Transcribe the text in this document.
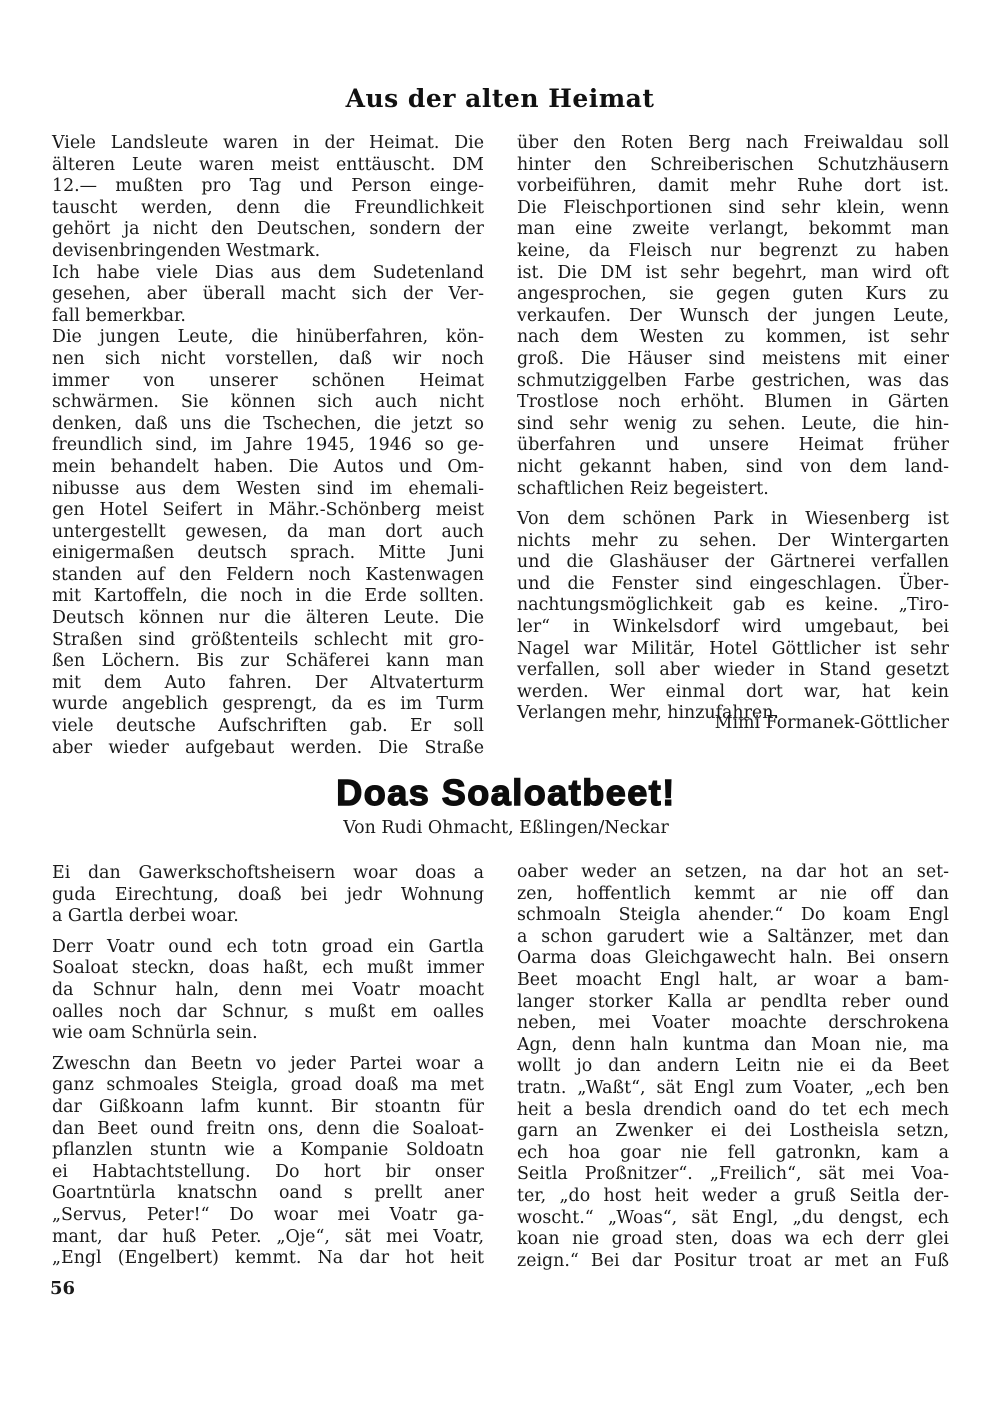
Aus der alten Heimat
Viele Landsleute waren in der Heimat. Die
älteren Leute waren meist enttäuscht. DM
12.— mußten pro Tag und Person einge-
tauscht werden, denn die Freundlichkeit
gehört ja nicht den Deutschen, sondern der
devisenbringenden Westmark.
Ich habe viele Dias aus dem Sudetenland
gesehen, aber überall macht sich der Ver-
fall bemerkbar.
Die jungen Leute, die hinüberfahren, kön-
nen sich nicht vorstellen, daß wir noch
immer von unserer schönen Heimat
schwärmen. Sie können sich auch nicht
denken, daß uns die Tschechen, die jetzt so
freundlich sind, im Jahre 1945, 1946 so ge-
mein behandelt haben. Die Autos und Om-
nibusse aus dem Westen sind im ehemali-
gen Hotel Seifert in Mähr.-Schönberg meist
untergestellt gewesen, da man dort auch
einigermaßen deutsch sprach. Mitte Juni
standen auf den Feldern noch Kastenwagen
mit Kartoffeln, die noch in die Erde sollten.
Deutsch können nur die älteren Leute. Die
Straßen sind größtenteils schlecht mit gro-
ßen Löchern. Bis zur Schäferei kann man
mit dem Auto fahren. Der Altvaterturm
wurde angeblich gesprengt, da es im Turm
viele deutsche Aufschriften gab. Er soll
aber wieder aufgebaut werden. Die Straße
über den Roten Berg nach Freiwaldau soll
hinter den Schreiberischen Schutzhäusern
vorbeiführen, damit mehr Ruhe dort ist.
Die Fleischportionen sind sehr klein, wenn
man eine zweite verlangt, bekommt man
keine, da Fleisch nur begrenzt zu haben
ist. Die DM ist sehr begehrt, man wird oft
angesprochen, sie gegen guten Kurs zu
verkaufen. Der Wunsch der jungen Leute,
nach dem Westen zu kommen, ist sehr
groß. Die Häuser sind meistens mit einer
schmutziggelben Farbe gestrichen, was das
Trostlose noch erhöht. Blumen in Gärten
sind sehr wenig zu sehen. Leute, die hin-
überfahren und unsere Heimat früher
nicht gekannt haben, sind von dem land-
schaftlichen Reiz begeistert.
Von dem schönen Park in Wiesenberg ist
nichts mehr zu sehen. Der Wintergarten
und die Glashäuser der Gärtnerei verfallen
und die Fenster sind eingeschlagen. Über-
nachtungsmöglichkeit gab es keine. „Tiro-
ler“ in Winkelsdorf wird umgebaut, bei
Nagel war Militär, Hotel Göttlicher ist sehr
verfallen, soll aber wieder in Stand gesetzt
werden. Wer einmal dort war, hat kein
Verlangen mehr, hinzufahren.
Mimi Formanek-Göttlicher
Doas Soaloatbeet!
Von Rudi Ohmacht, Eßlingen/Neckar
Ei dan Gawerkschoftsheisern woar doas a
guda Eirechtung, doaß bei jedr Wohnung
a Gartla derbei woar.
Derr Voatr ound ech totn groad ein Gartla
Soaloat steckn, doas haßt, ech mußt immer
da Schnur haln, denn mei Voatr moacht
oalles noch dar Schnur, s mußt em oalles
wie oam Schnürla sein.
Zweschn dan Beetn vo jeder Partei woar a
ganz schmoales Steigla, groad doaß ma met
dar Gißkoann lafm kunnt. Bir stoantn für
dan Beet ound freitn ons, denn die Soaloat-
pflanzlen stuntn wie a Kompanie Soldoatn
ei Habtachtstellung. Do hort bir onser
Goartntürla knatschn oand s prellt aner
„Servus, Peter!“ Do woar mei Voatr ga-
mant, dar huß Peter. „Oje“, sät mei Voatr,
„Engl (Engelbert) kemmt. Na dar hot heit
oaber weder an setzen, na dar hot an set-
zen, hoffentlich kemmt ar nie off dan
schmoaln Steigla ahender.“ Do koam Engl
a schon garudert wie a Saltänzer, met dan
Oarma doas Gleichgawecht haln. Bei onsern
Beet moacht Engl halt, ar woar a bam-
langer storker Kalla ar pendlta reber ound
neben, mei Voater moachte derschrokena
Agn, denn haln kuntma dan Moan nie, ma
wollt jo dan andern Leitn nie ei da Beet
tratn. „Waßt“, sät Engl zum Voater, „ech ben
heit a besla drendich oand do tet ech mech
garn an Zwenker ei dei Lostheisla setzn,
ech hoa goar nie fell gatronkn, kam a
Seitla Proßnitzer“. „Freilich“, sät mei Voa-
ter, „do host heit weder a gruß Seitla der-
woscht.“ „Woas“, sät Engl, „du dengst, ech
koan nie groad sten, doas wa ech derr glei
zeign.“ Bei dar Positur troat ar met an Fuß
56
